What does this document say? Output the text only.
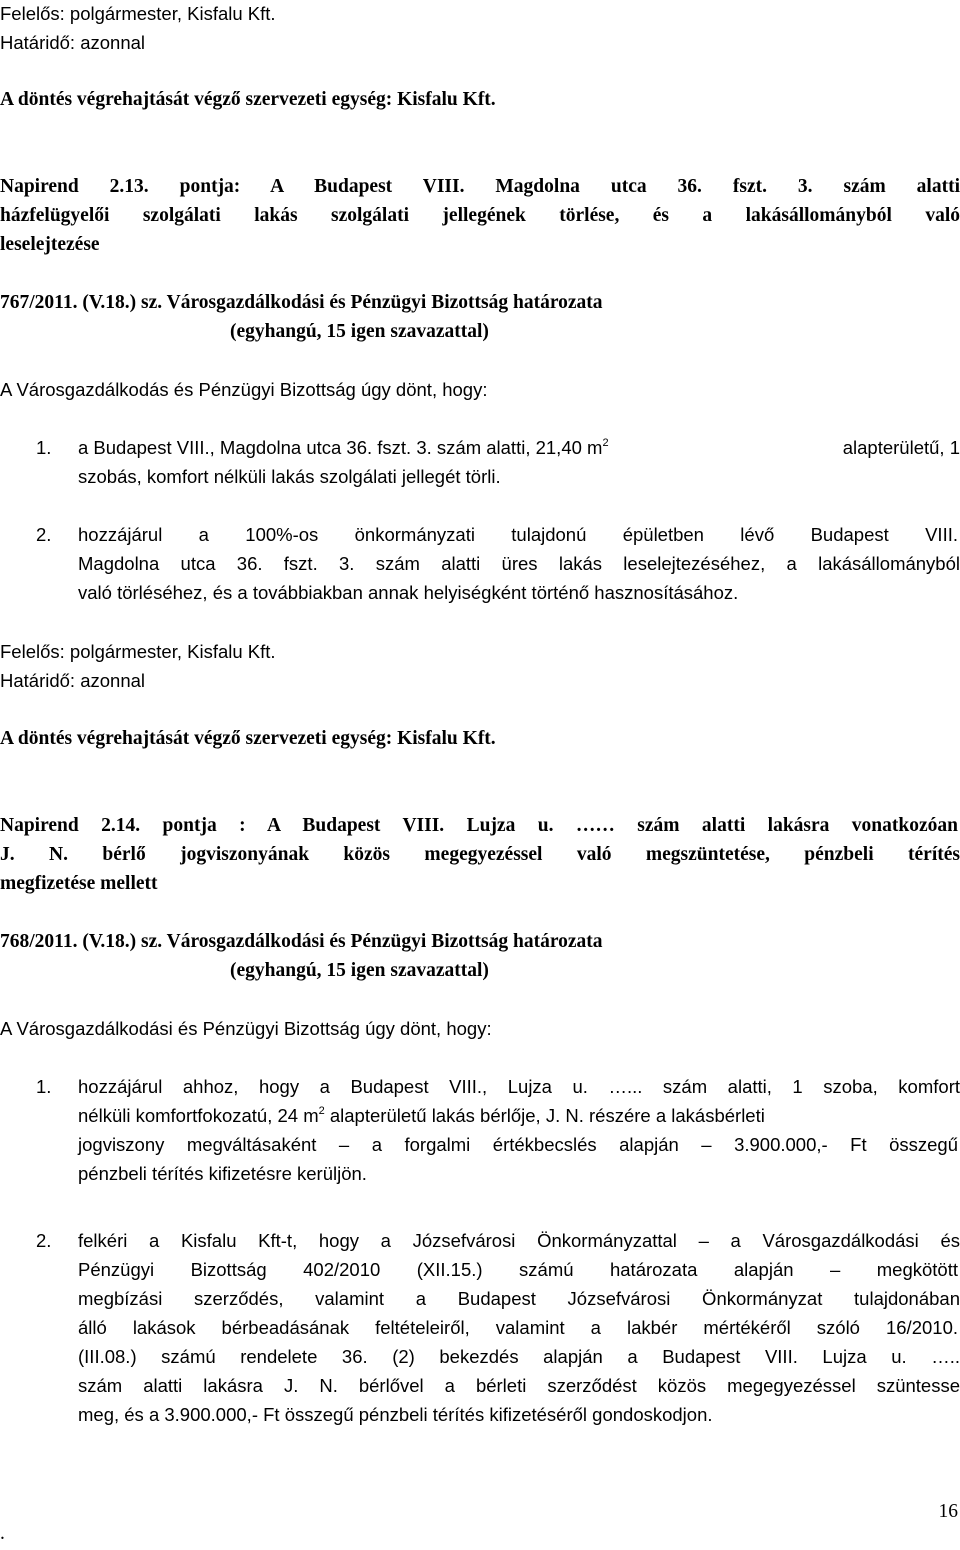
Felelős: polgármester, Kisfalu Kft.
Határidő: azonnal
A döntés végrehajtását végző szervezeti egység: Kisfalu Kft.
Napirend 2.13. pontja: A Budapest VIII. Magdolna utca 36. fszt. 3. szám alatti
házfelügyelői szolgálati lakás szolgálati jellegének törlése, és a lakásállományból való
leselejtezése
767/2011. (V.18.) sz. Városgazdálkodási és Pénzügyi Bizottság határozata
(egyhangú, 15 igen szavazattal)
A Városgazdálkodás és Pénzügyi Bizottság úgy dönt, hogy:
1. a Budapest VIII., Magdolna utca 36. fszt. 3. szám alatti, 21,40 $m^2$	alapterületű, 1
szobás, komfort nélküli lakás szolgálati jellegét törli.
2. hozzájárul a 100%-os önkormányzati tulajdonú épületben lévő Budapest VIII.
Magdolna utca 36. fszt. 3. szám alatti üres lakás leselejtezéséhez, a lakásállományból
való törléséhez, és a továbbiakban annak helyiségként történő hasznosításához.
Felelős: polgármester, Kisfalu Kft.
Határidő: azonnal
A döntés végrehajtását végző szervezeti egység: Kisfalu Kft.
Napirend 2.14. pontja : A Budapest VIII. Lujza u. …… szám alatti lakásra vonatkozóan
J. N. bérlő jogviszonyának közös megegyezéssel való megszüntetése, pénzbeli térítés
megfizetése mellett
768/2011. (V.18.) sz. Városgazdálkodási és Pénzügyi Bizottság határozata
(egyhangú, 15 igen szavazattal)
A Városgazdálkodási és Pénzügyi Bizottság úgy dönt, hogy:
1. hozzájárul ahhoz, hogy a Budapest VIII., Lujza u. …... szám alatti, 1 szoba, komfort
nélküli komfortfokozatú, 24 $m^2$ alapterületű lakás bérlője, J. N. részére a lakásbérleti
jogviszony megváltásaként – a forgalmi értékbecslés alapján – 3.900.000,- Ft összegű
pénzbeli térítés kifizetésre kerüljön.
2. felkéri a Kisfalu Kft-t, hogy a Józsefvárosi Önkormányzattal – a Városgazdálkodási és
Pénzügyi Bizottság 402/2010 (XII.15.) számú határozata alapján – megkötött
megbízási szerződés, valamint a Budapest Józsefvárosi Önkormányzat tulajdonában
álló lakások bérbeadásának feltételeiről, valamint a lakbér mértékéről szóló 16/2010.
(III.08.) számú rendelete 36. (2) bekezdés alapján a Budapest VIII. Lujza u. …..
szám alatti lakásra J. N. bérlővel a bérleti szerződést közös megegyezéssel szüntesse
meg, és a 3.900.000,- Ft összegű pénzbeli térítés kifizetéséről gondoskodjon.
.
16
